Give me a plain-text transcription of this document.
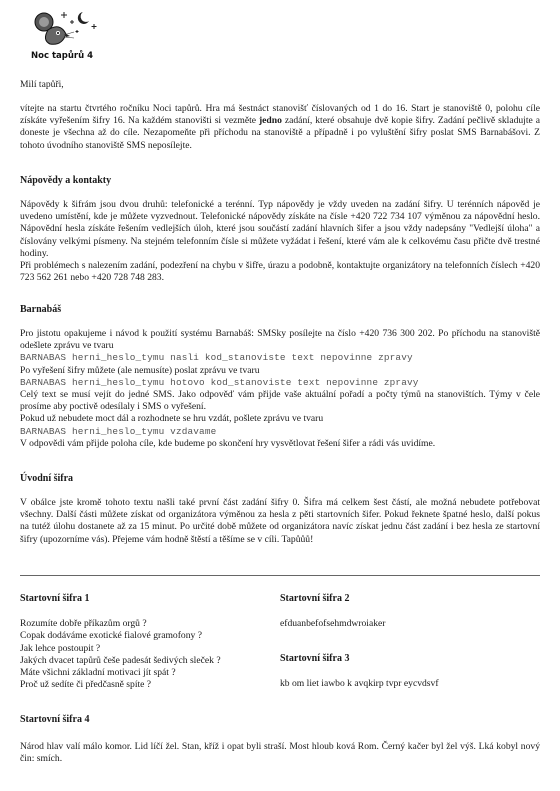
Noc tapůrů 4

Milí tapůři,

vítejte na startu čtvrtého ročníku Noci tapůrů. Hra má šestnáct stanovišť číslovaných od 1 do 16. Start je stanoviště 0, polohu cíle získáte vyřešením šifry 16. Na každém stanovišti si vezměte jedno zadání, které obsahuje dvě kopie šifry. Zadání pečlivě skladujte a doneste je všechna až do cíle. Nezapomeňte při příchodu na stanoviště a případně i po vyluštění šifry poslat SMS Barnabášovi. Z tohoto úvodního stanoviště SMS neposílejte.

Nápovědy a kontakty

Nápovědy k šifrám jsou dvou druhů: telefonické a terénní. Typ nápovědy je vždy uveden na zadání šifry. U terénních nápověd je uvedeno umístění, kde je můžete vyzvednout. Telefonické nápovědy získáte na čísle +420 722 734 107 výměnou za nápovědní heslo. Nápovědní hesla získáte řešením vedlejších úloh, které jsou součástí zadání hlavních šifer a jsou vždy nadepsány "Vedlejší úloha" a číslovány velkými písmeny. Na stejném telefonním čísle si můžete vyžádat i řešení, které vám ale k celkovému času přičte dvě trestné hodiny.

Při problémech s nalezením zadání, podezření na chybu v šifře, úrazu a podobně, kontaktujte organizátory na telefonních číslech +420 723 562 261 nebo +420 728 748 283.

Barnabáš

Pro jistotu opakujeme i návod k použití systému Barnabáš: SMSky posílejte na číslo +420 736 300 202. Po příchodu na stanoviště odešlete zprávu ve tvaru

BARNABAS herni_heslo_tymu nasli kod_stanoviste text nepovinne zpravy

Po vyřešení šifry můžete (ale nemusíte) poslat zprávu ve tvaru

BARNABAS herni_heslo_tymu hotovo kod_stanoviste text nepovinne zpravy

Celý text se musí vejít do jedné SMS. Jako odpověď vám přijde vaše aktuální pořadí a počty týmů na stanovištích. Týmy v čele prosíme aby poctivě odesílaly i SMS o vyřešení.

Pokud už nebudete moct dál a rozhodnete se hru vzdát, pošlete zprávu ve tvaru

BARNABAS herni_heslo_tymu vzdavame

V odpovědi vám přijde poloha cíle, kde budeme po skončení hry vysvětlovat řešení šifer a rádi vás uvidíme.

Úvodní šifra

V obálce jste kromě tohoto textu našli také první část zadání šifry 0. Šifra má celkem šest částí, ale možná nebudete potřebovat všechny. Další části můžete získat od organizátora výměnou za hesla z pěti startovních šifer. Pokud řeknete špatné heslo, další pokus na tutéž úlohu dostanete až za 15 minut. Po určité době můžete od organizátora navíc získat jednu část zadání i bez hesla ze startovní šifry (upozorníme vás). Přejeme vám hodně štěstí a těšíme se v cíli. Tapůůů!

Startovní šifra 1
Rozumíte dobře příkazům orgů ?
Copak dodáváme exotické fialové gramofony ?
Jak lehce postoupit ?
Jakých dvacet tapůrů češe padesát šedivých sleček ?
Máte všichni základní motivaci jít spát ?
Proč už sedíte či předčasně spíte ?
Startovní šifra 2

efduanbefofsehmdwroiaker

Startovní šifra 3

kb om liet iawbo k avqkirp tvpr eycvdsvf

Startovní šifra 4

Národ hlav valí málo komor. Lid líčí žel. Stan, kříž i opat byli straší. Most hloub ková Rom. Černý kačer byl žel výš. Lká kobyl nový čin: smích.
